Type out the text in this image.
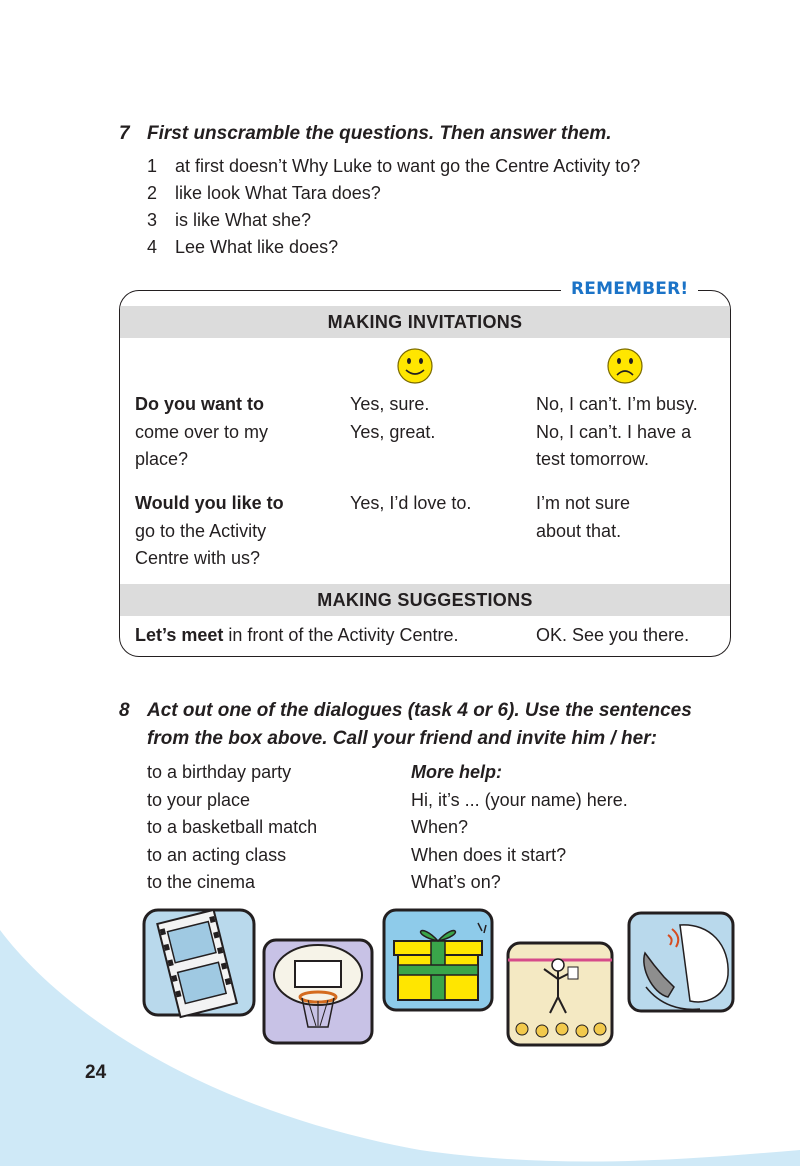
7 First unscramble the questions. Then answer them.
1 at first doesn’t Why Luke to want go the Centre Activity to?
2 like look What Tara does?
3 is like What she?
4 Lee What like does?
REMEMBER!
MAKING INVITATIONS
Do you want to
come over to my
place?
Yes, sure.
Yes, great.
No, I can’t. I’m busy.
No, I can’t. I have a
test tomorrow.
Would you like to
go to the Activity
Centre with us?
Yes, I’d love to.	I’m not sure
about that.
MAKING SUGGESTIONS
Let’s meet in front of the Activity Centre.	OK. See you there.
8 Act out one of the dialogues (task 4 or 6). Use the sentences
from the box above. Call your friend and invite him / her:
to a birthday party
to your place
to a basketball match
to an acting class
to the cinema
More help:
Hi, it’s ... (your name) here.
When?
When does it start?
What’s on?
24
